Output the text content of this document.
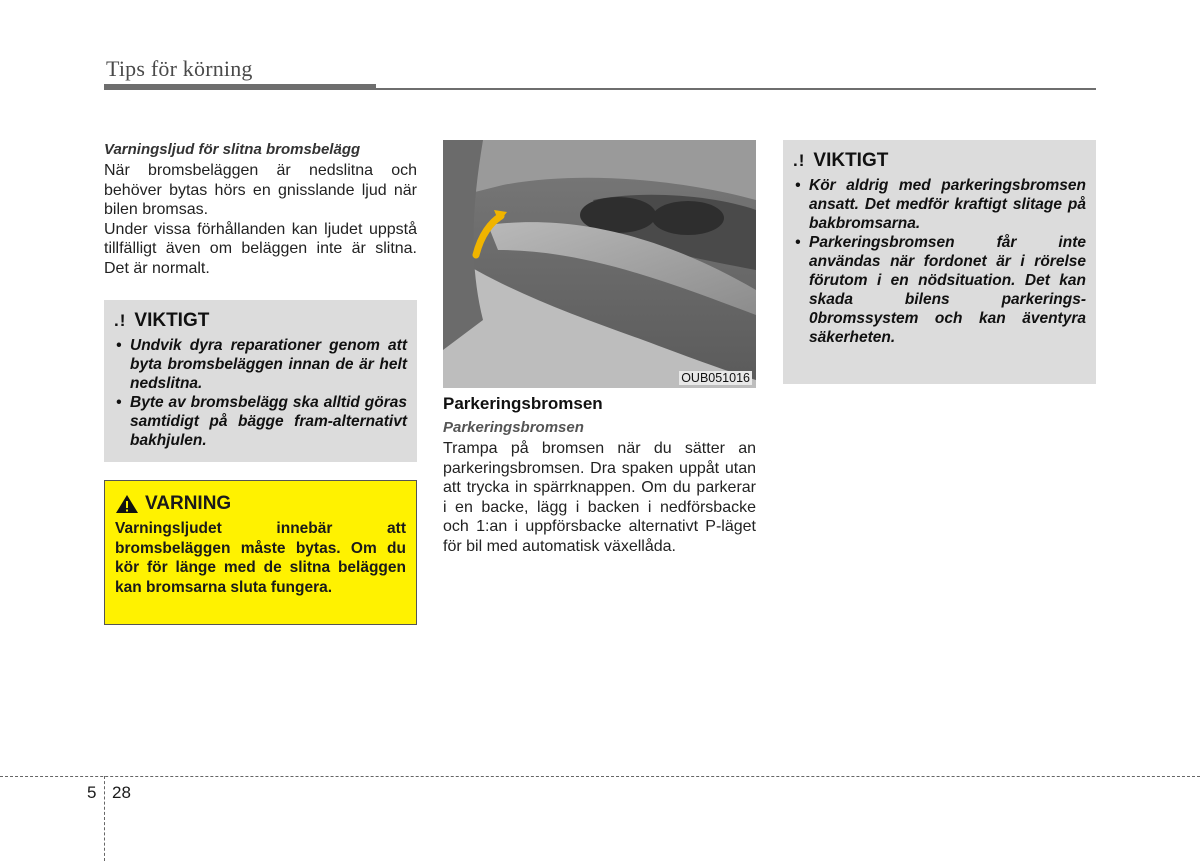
Tips för körning

Varningsljud för slitna bromsbelägg

När bromsbeläggen är nedslitna och behöver bytas hörs en gnisslande ljud när bilen bromsas.

Under vissa förhållanden kan ljudet uppstå tillfälligt även om beläggen inte är slitna. Det är normalt.

.! VIKTIGT
• Undvik dyra reparationer genom att byta bromsbeläggen innan de är helt nedslitna.
• Byte av bromsbelägg ska alltid göras samtidigt på bägge fram-alternativt bakhjulen.
VARNING
Varningsljudet innebär att bromsbeläggen måste bytas. Om du kör för länge med de slitna beläggen kan bromsarna sluta fungera.
OUB051016

Parkeringsbromsen

Parkeringsbromsen

Trampa på bromsen när du sätter an parkeringsbromsen. Dra spaken uppåt utan att trycka in spärrknappen. Om du parkerar i en backe, lägg i backen i nedförsbacke och 1:an i uppförsbacke alternativt P-läget för bil med automatisk växellåda.

.! VIKTIGT
• Kör aldrig med parkeringsbromsen ansatt. Det medför kraftigt slitage på bakbromsarna.
• Parkeringsbromsen får inte användas när fordonet är i rörelse förutom i en nödsituation. Det kan skada bilens parkerings-0bromssystem och kan äventyra säkerheten.
5 28
